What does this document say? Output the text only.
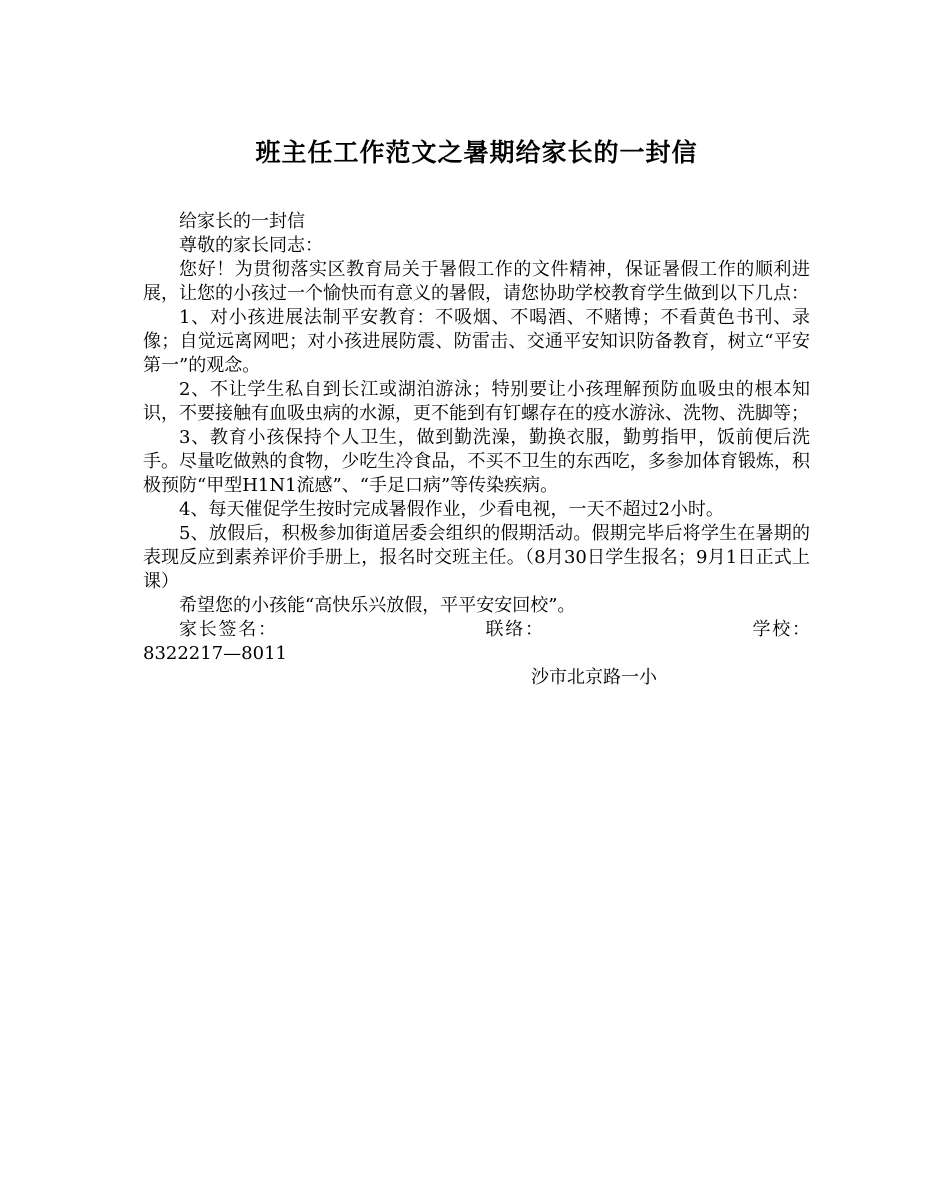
班主任工作范文之暑期给家长的一封信

给家长的一封信

尊敬的家长同志：

您好！为贯彻落实区教育局关于暑假工作的文件精神，保证暑假工作的顺利进展，让您的小孩过一个愉快而有意义的暑假，请您协助学校教育学生做到以下几点：

1、对小孩进展法制平安教育：不吸烟、不喝酒、不赌博；不看黄色书刊、录像；自觉远离网吧；对小孩进展防震、防雷击、交通平安知识防备教育，树立“平安第一”的观念。

2、不让学生私自到长江或湖泊游泳；特别要让小孩理解预防血吸虫的根本知识，不要接触有血吸虫病的水源，更不能到有钉螺存在的疫水游泳、洗物、洗脚等；

3、教育小孩保持个人卫生，做到勤洗澡，勤换衣服，勤剪指甲，饭前便后洗手。尽量吃做熟的食物，少吃生冷食品，不买不卫生的东西吃，多参加体育锻炼，积极预防“甲型H1N1流感”、“手足口病”等传染疾病。

4、每天催促学生按时完成暑假作业，少看电视，一天不超过2小时。

5、放假后，积极参加街道居委会组织的假期活动。假期完毕后将学生在暑期的表现反应到素养评价手册上，报名时交班主任。（8月30日学生报名；9月1日正式上课）

希望您的小孩能“高快乐兴放假，平平安安回校”。

家长签名：	联络：	学校：8322217—8011

沙市北京路一小
